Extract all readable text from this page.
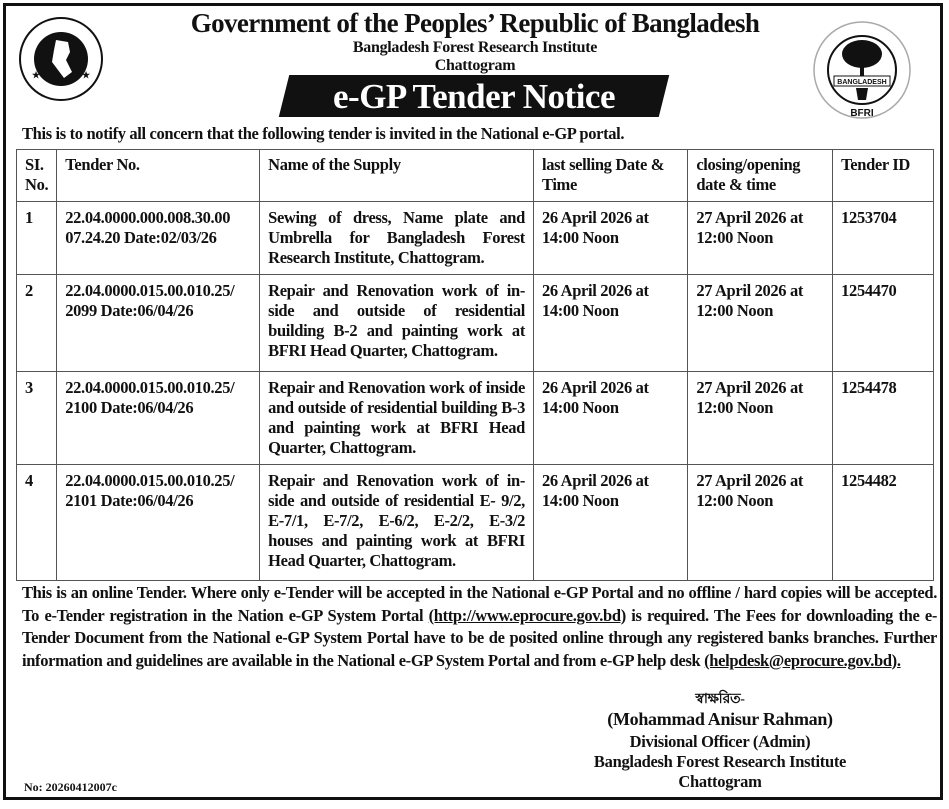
★	★
Government of the Peoples’ Republic of Bangladesh
Bangladesh Forest Research Institute
Chattogram
e-GP Tender Notice	BANGLADESH
BFRI
This is to notify all concern that the following tender is invited in the National e-GP portal.
SI. No.	Tender No.	Name of the Supply	last selling Date & Time	closing/opening date & time	Tender ID
1	22.04.0000.000.008.30.00 07.24.20 Date:02/03/26	Sewing of dress, Name plate and Umbrella for Bangladesh Forest Research Institute, Chattogram.	26 April 2026 at 14:00 Noon	27 April 2026 at 12:00 Noon	1253704
2	22.04.0000.015.00.010.25/ 2099 Date:06/04/26	Repair and Renovation work of in- side and outside of residential building B-2 and painting work at BFRI Head Quarter, Chattogram.	26 April 2026 at 14:00 Noon	27 April 2026 at 12:00 Noon	1254470
3	22.04.0000.015.00.010.25/ 2100 Date:06/04/26	Repair and Renovation work of inside and outside of residential building B-3 and painting work at BFRI Head Quarter, Chattogram.	26 April 2026 at 14:00 Noon	27 April 2026 at 12:00 Noon	1254478
4	22.04.0000.015.00.010.25/ 2101 Date:06/04/26	Repair and Renovation work of in- side and outside of residential E- 9/2, E-7/1, E-7/2, E-6/2, E-2/2, E-3/2 houses and painting work at BFRI Head Quarter, Chattogram.	26 April 2026 at 14:00 Noon	27 April 2026 at 12:00 Noon	1254482
This is an online Tender. Where only e-Tender will be accepted in the National e-GP Portal and no offline / hard copies will be accepted. To e-Tender registration in the Nation e-GP System Portal (http://www.eprocure.gov.bd) is required. The Fees for downloading the e-Tender Document from the National e-GP System Portal have to be de posited online through any registered banks branches. Further information and guidelines are available in the National e-GP System Portal and from e-GP help desk (helpdesk@eprocure.gov.bd).
স্বাক্ষরিত-
(Mohammad Anisur Rahman)
Divisional Officer (Admin)
Bangladesh Forest Research Institute
Chattogram
No: 20260412007c
